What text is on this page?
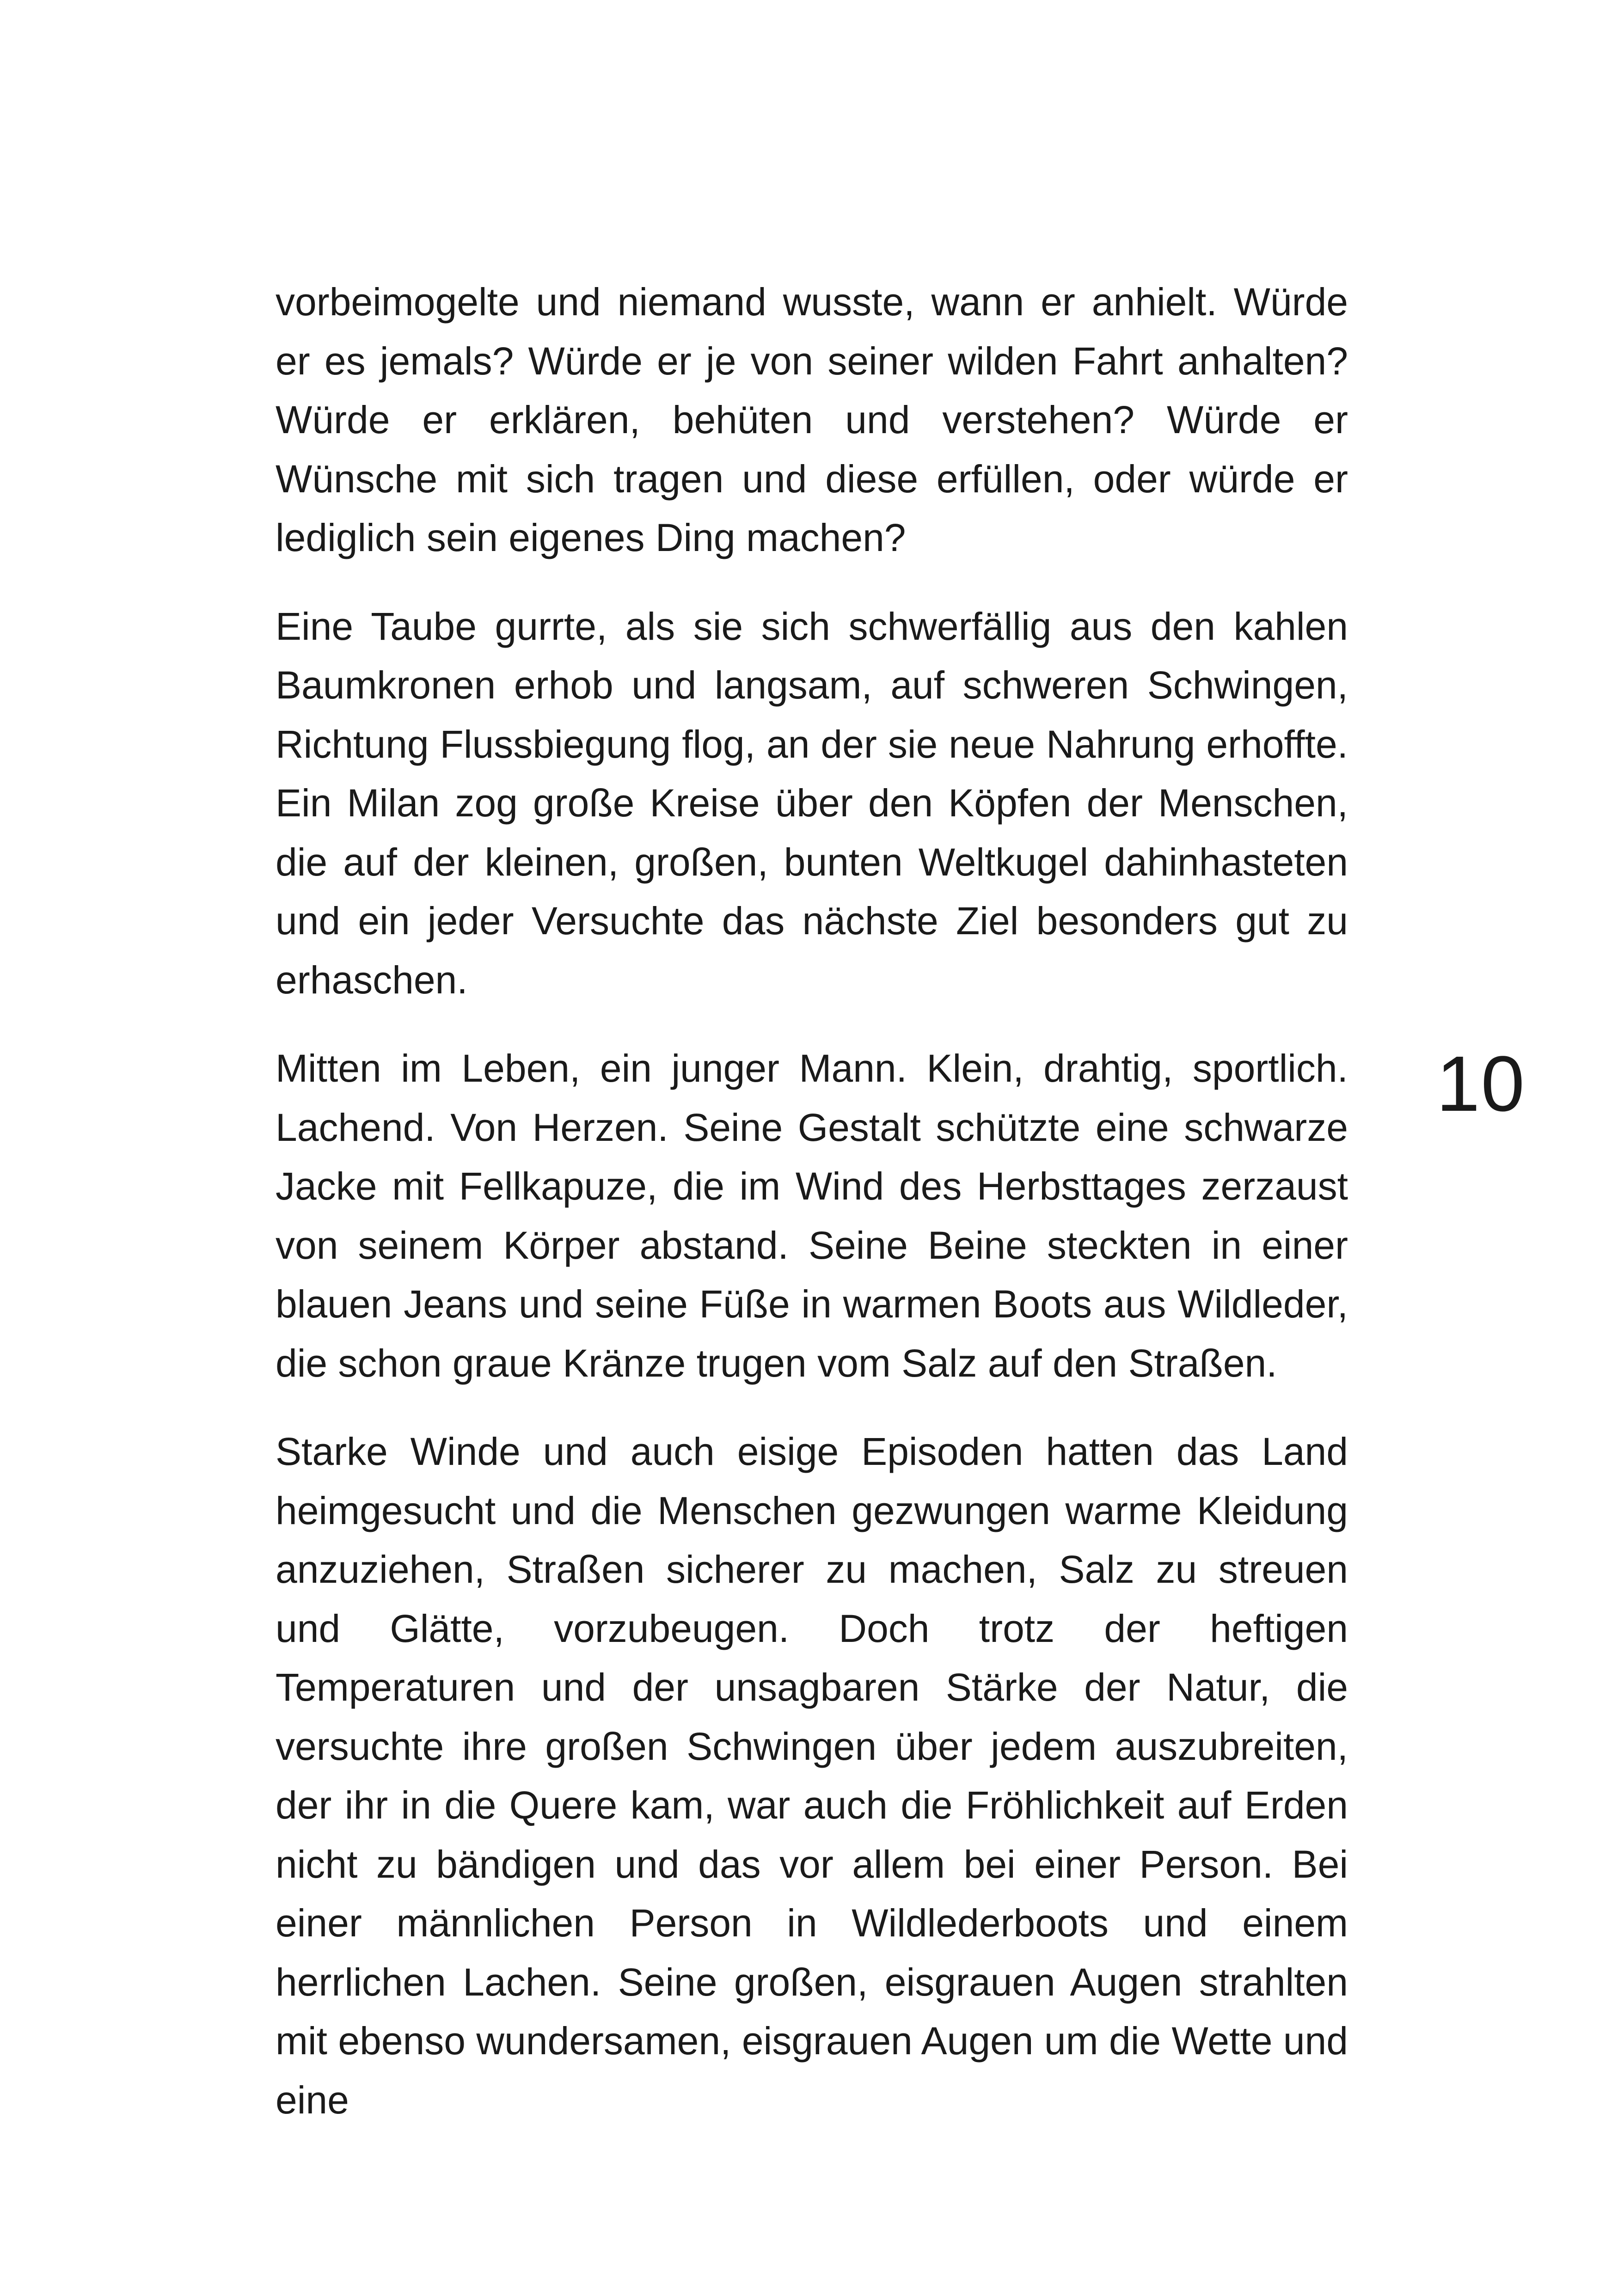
vorbeimogelte und niemand wusste, wann er anhielt. Würde er es jemals? Würde er je von seiner wilden Fahrt anhalten? Würde er erklären, behüten und verstehen? Würde er Wünsche mit sich tragen und diese erfüllen, oder würde er lediglich sein eigenes Ding machen?

Eine Taube gurrte, als sie sich schwerfällig aus den kahlen Baumkronen erhob und langsam, auf schweren Schwingen, Richtung Flussbiegung flog, an der sie neue Nahrung erhoffte. Ein Milan zog große Kreise über den Köpfen der Menschen, die auf der kleinen, großen, bunten Weltkugel dahinhasteten und ein jeder Versuchte das nächste Ziel besonders gut zu erhaschen.

Mitten im Leben, ein junger Mann. Klein, drahtig, sportlich. Lachend. Von Herzen. Seine Gestalt schützte eine schwarze Jacke mit Fellkapuze, die im Wind des Herbsttages zerzaust von seinem Körper abstand. Seine Beine steckten in einer blauen Jeans und seine Füße in warmen Boots aus Wildleder, die schon graue Kränze trugen vom Salz auf den Straßen.

Starke Winde und auch eisige Episoden hatten das Land heimgesucht und die Menschen gezwungen warme Kleidung anzuziehen, Straßen sicherer zu machen, Salz zu streuen und Glätte, vorzubeugen. Doch trotz der heftigen Temperaturen und der unsagbaren Stärke der Natur, die versuchte ihre großen Schwingen über jedem auszubreiten, der ihr in die Quere kam, war auch die Fröhlichkeit auf Erden nicht zu bändigen und das vor allem bei einer Person. Bei einer männlichen Person in Wildlederboots und einem herrlichen Lachen. Seine großen, eisgrauen Augen strahlten mit ebenso wundersamen, eisgrauen Augen um die Wette und eine

10
